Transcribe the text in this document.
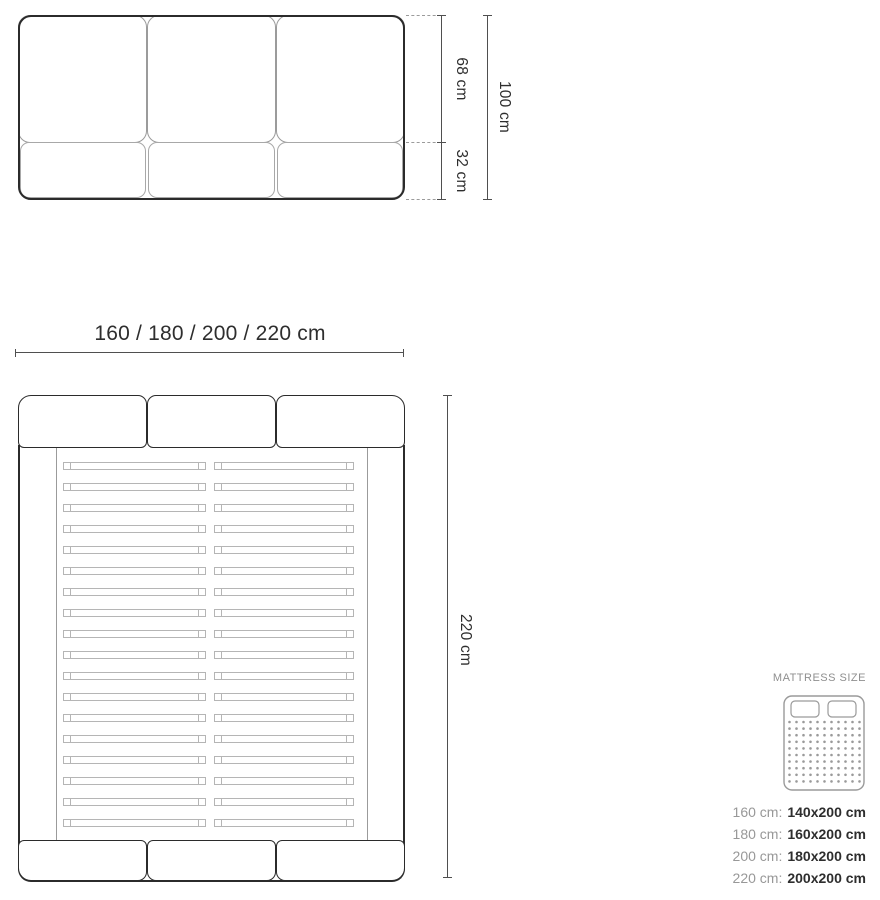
68 cm
32 cm
100 cm
160 / 180 / 200 / 220 cm
220 cm
MATTRESS SIZE
160 cm: 140x200 cm
180 cm: 160x200 cm
200 cm: 180x200 cm
220 cm: 200x200 cm
